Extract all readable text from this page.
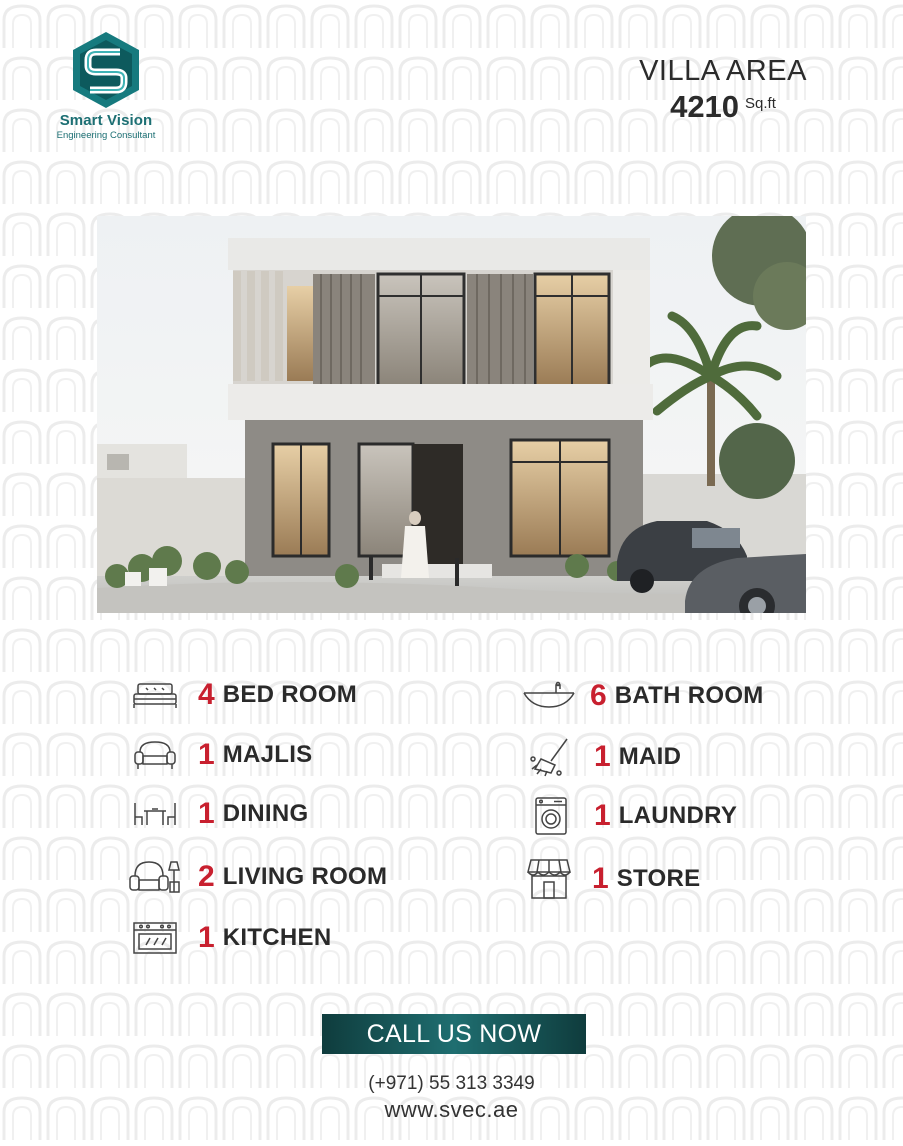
Smart Vision
Engineering Consultant
VILLA AREA
4210 Sq.ft
4 BED ROOM
1 MAJLIS
1 DINING
2 LIVING ROOM
1 KITCHEN
6 BATH ROOM
1 MAID
1 LAUNDRY
1 STORE
CALL US NOW
(+971) 55 313 3349
www.svec.ae
